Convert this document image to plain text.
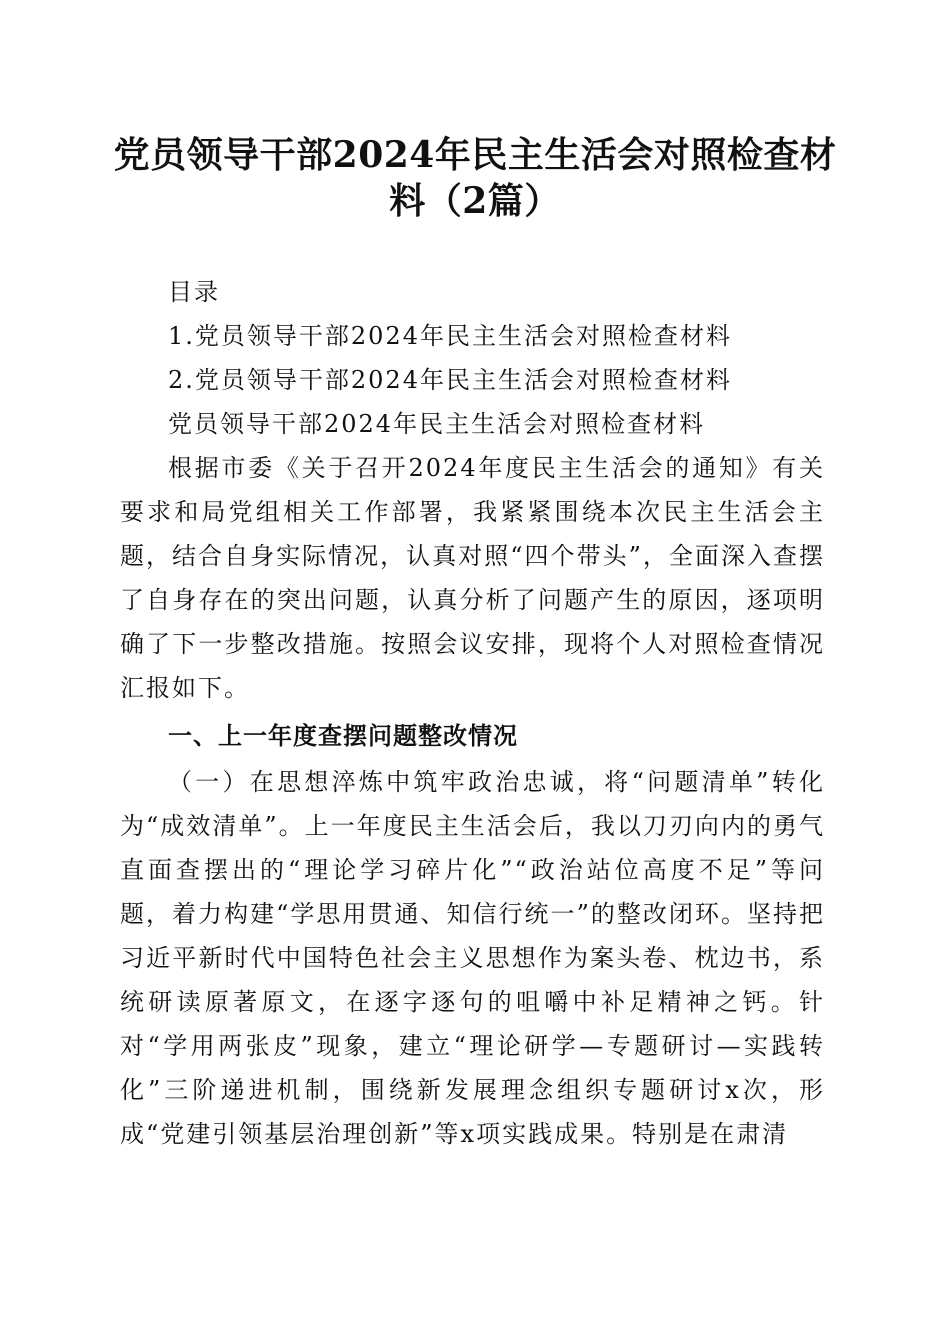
党员领导干部2024年民主生活会对照检查材料（2篇）

目录

1.党员领导干部2024年民主生活会对照检查材料

2.党员领导干部2024年民主生活会对照检查材料

党员领导干部2024年民主生活会对照检查材料

根据市委《关于召开2024年度民主生活会的通知》有关要求和局党组相关工作部署，我紧紧围绕本次民主生活会主题，结合自身实际情况，认真对照“四个带头”，全面深入查摆了自身存在的突出问题，认真分析了问题产生的原因，逐项明确了下一步整改措施。按照会议安排，现将个人对照检查情况汇报如下。

一、上一年度查摆问题整改情况

（一）在思想淬炼中筑牢政治忠诚，将“问题清单”转化为“成效清单”。上一年度民主生活会后，我以刀刃向内的勇气直面查摆出的“理论学习碎片化”“政治站位高度不足”等问题，着力构建“学思用贯通、知信行统一”的整改闭环。坚持把习近平新时代中国特色社会主义思想作为案头卷、枕边书，系统研读原著原文，在逐字逐句的咀嚼中补足精神之钙。针对“学用两张皮”现象，建立“理论研学—专题研讨—实践转化”三阶递进机制，围绕新发展理念组织专题研讨x次，形成“党建引领基层治理创新”等x项实践成果。特别是在肃清
